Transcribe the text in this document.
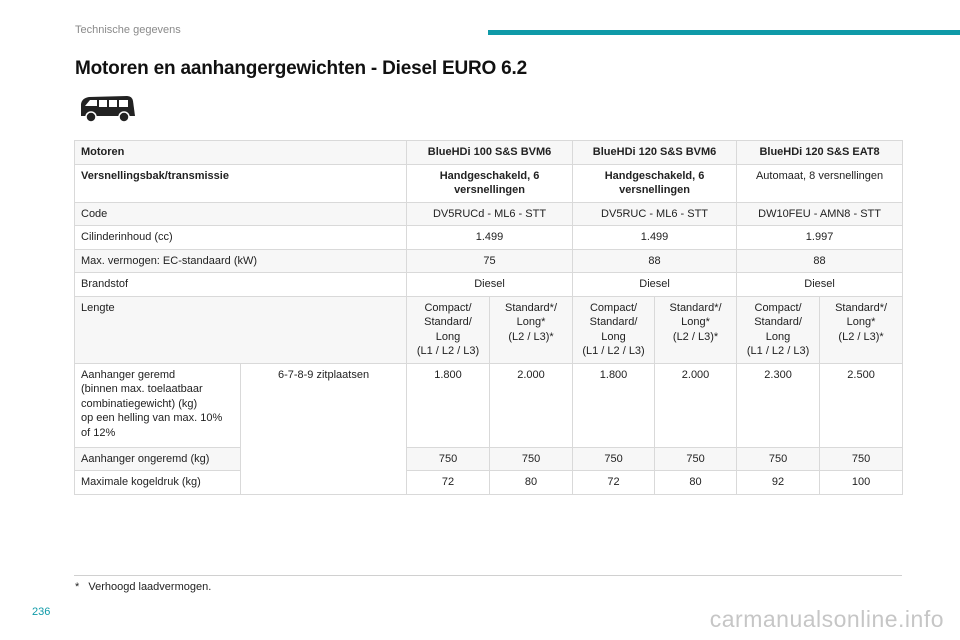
Technische gegevens
Motoren en aanhangergewichten - Diesel EURO 6.2
Motoren		BlueHDi 100 S&S BVM6		BlueHDi 120 S&S BVM6		BlueHDi 120 S&S EAT8	
Versnellingsbak/transmissie		Handgeschakeld, 6 versnellingen		Handgeschakeld, 6 versnellingen		Automaat, 8 versnellingen	
Code		DV5RUCd - ML6 - STT		DV5RUC - ML6 - STT		DW10FEU - AMN8 - STT	
Cilinderinhoud (cc)		1.499		1.499		1.997	
Max. vermogen: EC-standaard (kW)		75		88		88	
Brandstof		Diesel		Diesel		Diesel	
Lengte		Compact/
Standard/
Long
(L1 / L2 / L3)	Standard*/
Long*
(L2 / L3)*	Compact/
Standard/
Long
(L1 / L2 / L3)	Standard*/
Long*
(L2 / L3)*	Compact/
Standard/
Long
(L1 / L2 / L3)	Standard*/
Long*
(L2 / L3)*
Aanhanger geremd
(binnen max. toelaatbaar combinatiegewicht) (kg)
op een helling van max. 10% of 12%	6-7-8-9 zitplaatsen	1.800	2.000	1.800	2.000	2.300	2.500
Aanhanger ongeremd (kg)		750	750	750	750	750	750
Maximale kogeldruk (kg)		72	80	72	80	92	100
* Verhoogd laadvermogen.
236	carmanualsonline.info
